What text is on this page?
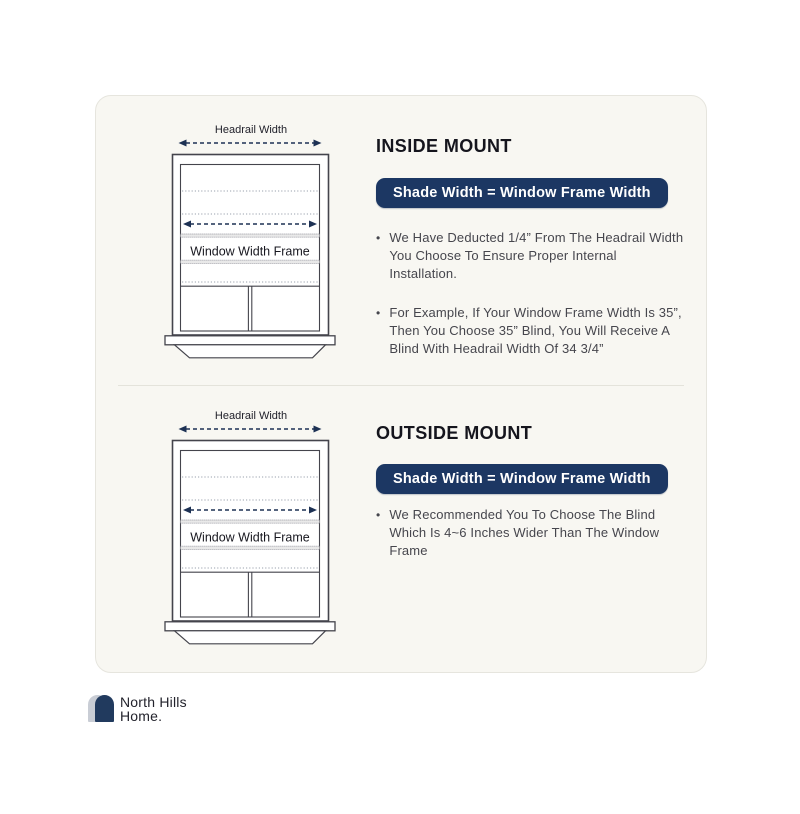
Headrail Width
Window Width Frame
INSIDE MOUNT
Shade Width = Window Frame Width
• We Have Deducted 1/4” From The Headrail Width You Choose To Ensure Proper Internal Installation.
• For Example, If Your Window Frame Width Is 35”, Then You Choose 35” Blind, You Will Receive A Blind With Headrail Width Of 34 3/4”
Headrail Width
Window Width Frame
OUTSIDE MOUNT
Shade Width = Window Frame Width
• We Recommended You To Choose The Blind Which Is 4~6 Inches Wider Than The Window Frame
North Hills
Home.
